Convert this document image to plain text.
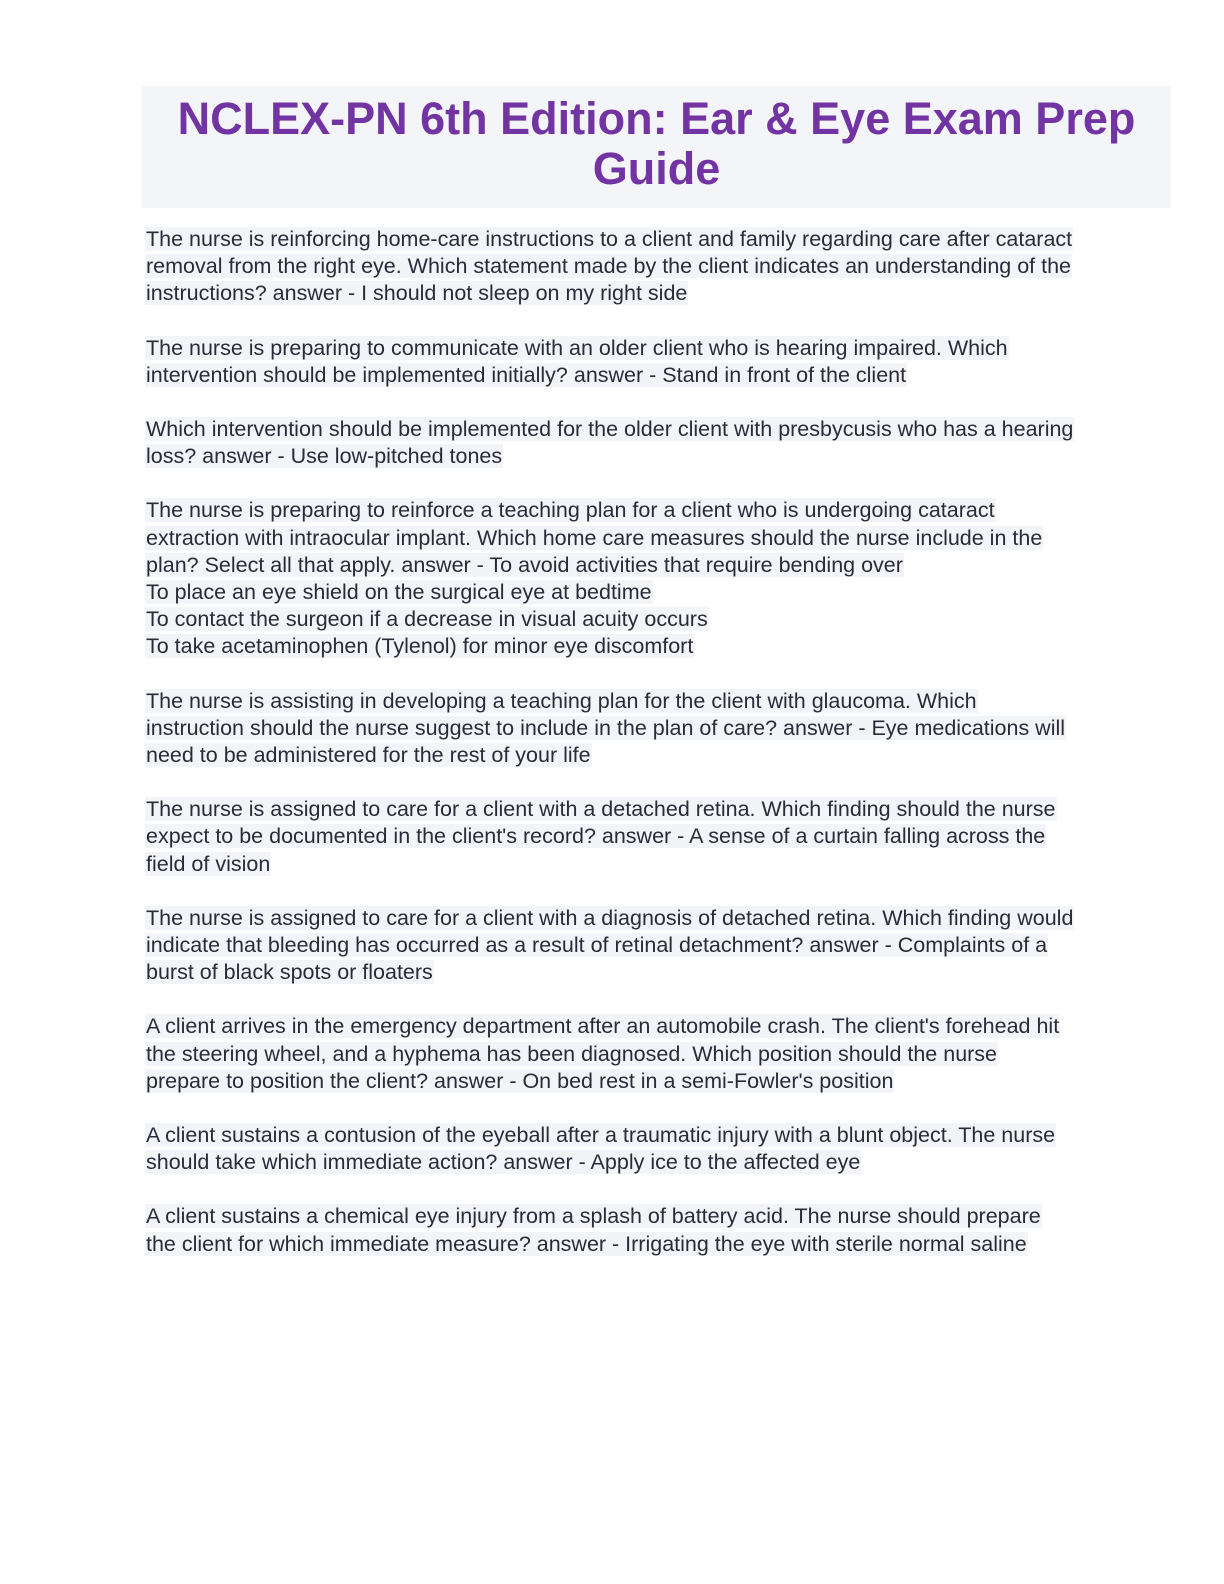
NCLEX-PN 6th Edition: Ear & Eye Exam Prep Guide

The nurse is reinforcing home-care instructions to a client and family regarding care after cataract removal from the right eye. Which statement made by the client indicates an understanding of the instructions? answer - I should not sleep on my right side

The nurse is preparing to communicate with an older client who is hearing impaired. Which intervention should be implemented initially? answer - Stand in front of the client

Which intervention should be implemented for the older client with presbycusis who has a hearing loss? answer - Use low-pitched tones

The nurse is preparing to reinforce a teaching plan for a client who is undergoing cataract extraction with intraocular implant. Which home care measures should the nurse include in the plan? Select all that apply. answer - To avoid activities that require bending over
To place an eye shield on the surgical eye at bedtime
To contact the surgeon if a decrease in visual acuity occurs
To take acetaminophen (Tylenol) for minor eye discomfort

The nurse is assisting in developing a teaching plan for the client with glaucoma. Which instruction should the nurse suggest to include in the plan of care? answer - Eye medications will need to be administered for the rest of your life

The nurse is assigned to care for a client with a detached retina. Which finding should the nurse expect to be documented in the client's record? answer - A sense of a curtain falling across the field of vision

The nurse is assigned to care for a client with a diagnosis of detached retina. Which finding would indicate that bleeding has occurred as a result of retinal detachment? answer - Complaints of a burst of black spots or floaters

A client arrives in the emergency department after an automobile crash. The client's forehead hit the steering wheel, and a hyphema has been diagnosed. Which position should the nurse prepare to position the client? answer - On bed rest in a semi-Fowler's position

A client sustains a contusion of the eyeball after a traumatic injury with a blunt object. The nurse should take which immediate action? answer - Apply ice to the affected eye

A client sustains a chemical eye injury from a splash of battery acid. The nurse should prepare the client for which immediate measure? answer - Irrigating the eye with sterile normal saline
